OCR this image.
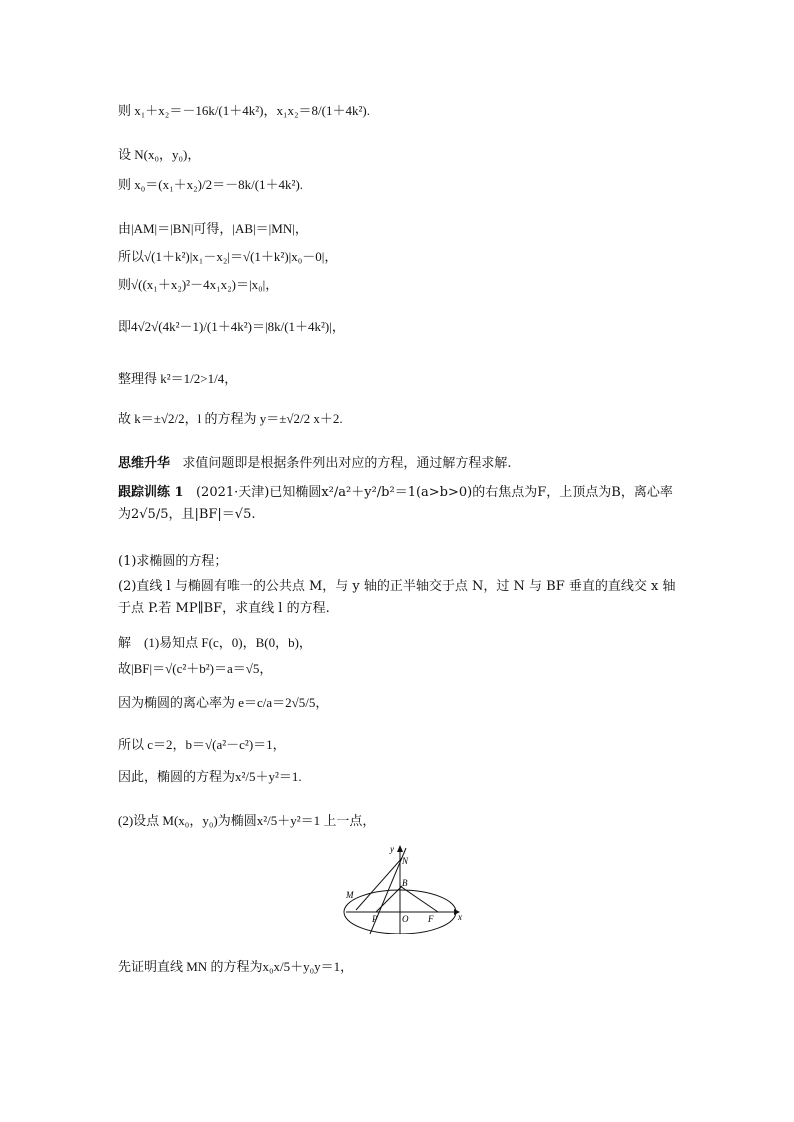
则 x₁＋x₂＝－16k/(1＋4k²)，x₁x₂＝8/(1＋4k²).
设 N(x₀，y₀)，
则 x₀＝(x₁＋x₂)/2＝－8k/(1＋4k²).
由|AM|＝|BN|可得，|AB|＝|MN|，
所以√(1＋k²)|x₁－x₂|＝√(1＋k²)|x₀－0|，
则√((x₁＋x₂)²－4x₁x₂)＝|x₀|，
即4√2√(4k²－1)/(1＋4k²)＝|8k/(1＋4k²)|，
整理得 k²＝1/2>1/4，
故 k＝±√2/2，l 的方程为 y＝±√2/2 x＋2.
思维升华 求值问题即是根据条件列出对应的方程，通过解方程求解.
跟踪训练 1 (2021·天津)已知椭圆x²/a²＋y²/b²＝1(a>b>0)的右焦点为F，上顶点为B，离心率为2√5/5，且|BF|＝√5.
(1)求椭圆的方程；
(2)直线 l 与椭圆有唯一的公共点 M，与 y 轴的正半轴交于点 N，过 N 与 BF 垂直的直线交 x 轴于点 P.若 MP∥BF，求直线 l 的方程.
解　(1)易知点 F(c，0)，B(0，b)，
故|BF|＝√(c²＋b²)＝a＝√5，
因为椭圆的离心率为 e＝c/a＝2√5/5，
所以 c＝2，b＝√(a²－c²)＝1，
因此，椭圆的方程为x²/5＋y²＝1.
(2)设点 M(x₀，y₀)为椭圆x²/5＋y²＝1 上一点，
y
N
B
M
P	O F	x
先证明直线 MN 的方程为x₀x/5＋y₀y＝1，
